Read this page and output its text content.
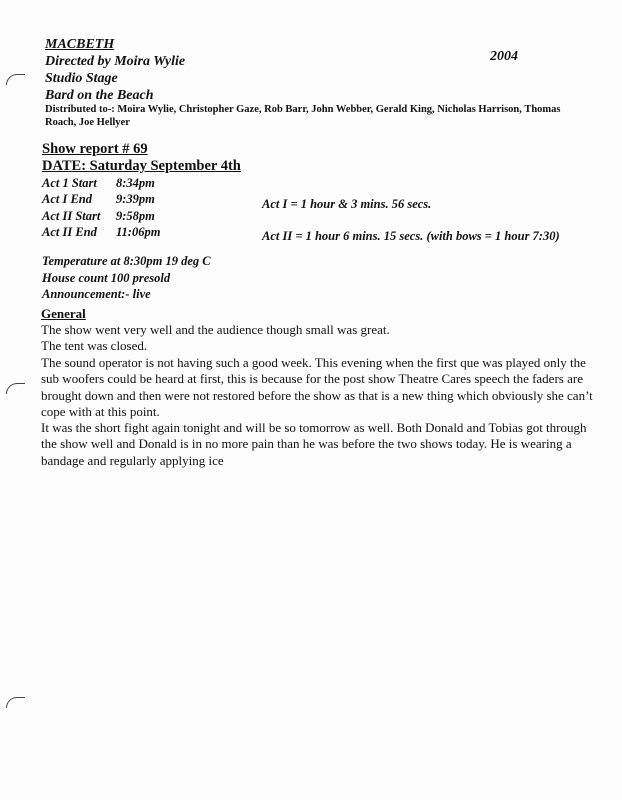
MACBETH
Directed by Moira Wylie
Studio Stage
Bard on the Beach
2004
Distributed to-: Moira Wylie, Christopher Gaze, Rob Barr, John Webber, Gerald King, Nicholas Harrison, Thomas
Roach, Joe Hellyer
Show report # 69
DATE: Saturday September 4th
Act 1 Start 8:34pm
Act I End 9:39pm
Act II Start 9:58pm
Act II End 11:06pm
Act I = 1 hour & 3 mins. 56 secs.
Act II = 1 hour 6 mins. 15 secs. (with bows = 1 hour 7:30)
Temperature at 8:30pm 19 deg C
House count 100 presold
Announcement:- live
General
The show went very well and the audience though small was great.
The tent was closed.
The sound operator is not having such a good week. This evening when the first que was played only the
sub woofers could be heard at first, this is because for the post show Theatre Cares speech the faders are
brought down and then were not restored before the show as that is a new thing which obviously she can’t
cope with at this point.
It was the short fight again tonight and will be so tomorrow as well. Both Donald and Tobias got through
the show well and Donald is in no more pain than he was before the two shows today. He is wearing a
bandage and regularly applying ice
